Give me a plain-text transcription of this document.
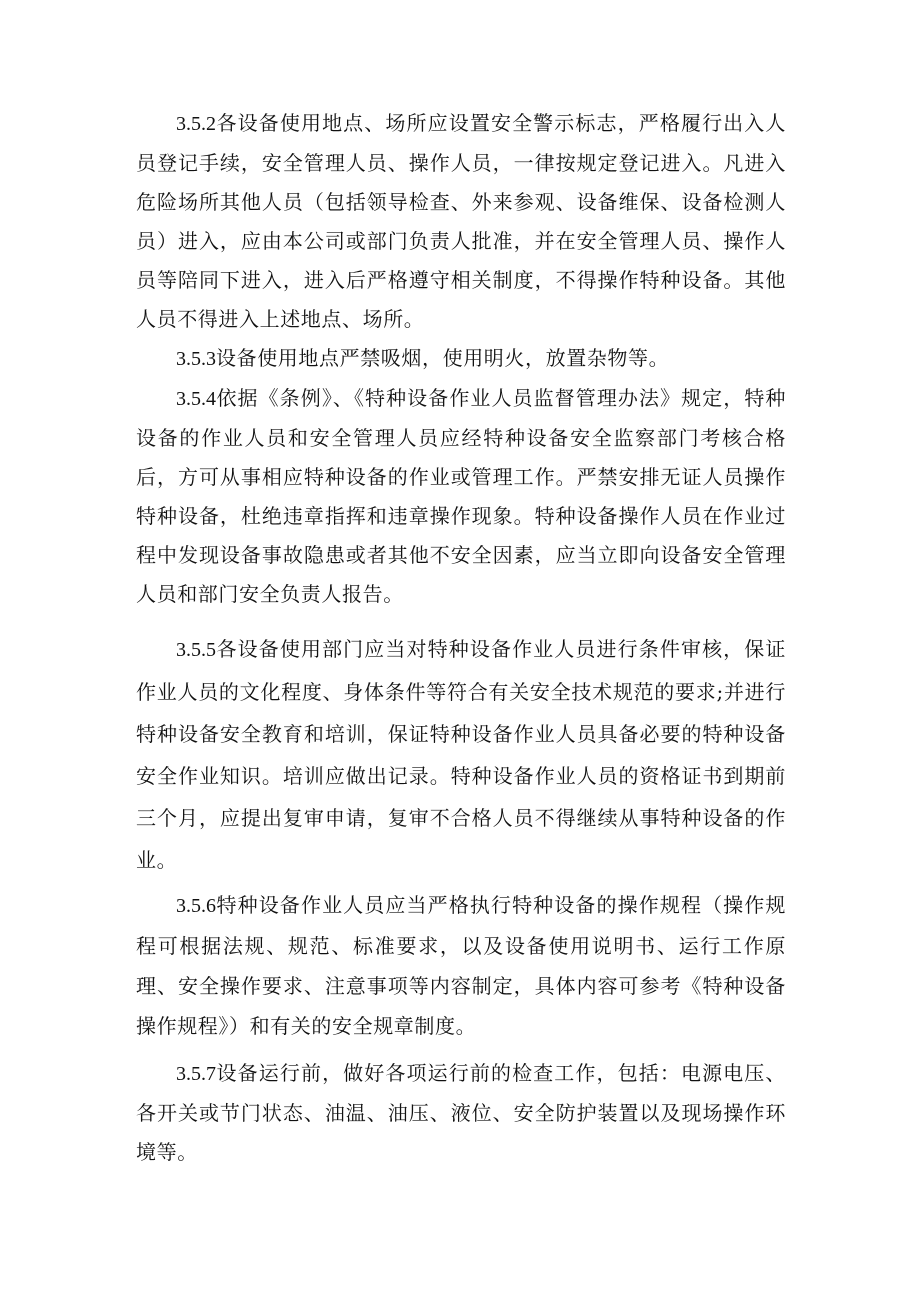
3.5.2各设备使用地点、场所应设置安全警示标志，严格履行出入人员登记手续，安全管理人员、操作人员，一律按规定登记进入。凡进入危险场所其他人员（包括领导检查、外来参观、设备维保、设备检测人员）进入，应由本公司或部门负责人批准，并在安全管理人员、操作人员等陪同下进入，进入后严格遵守相关制度，不得操作特种设备。其他人员不得进入上述地点、场所。

3.5.3设备使用地点严禁吸烟，使用明火，放置杂物等。

3.5.4依据《条例》、《特种设备作业人员监督管理办法》规定，特种设备的作业人员和安全管理人员应经特种设备安全监察部门考核合格后，方可从事相应特种设备的作业或管理工作。严禁安排无证人员操作特种设备，杜绝违章指挥和违章操作现象。特种设备操作人员在作业过程中发现设备事故隐患或者其他不安全因素，应当立即向设备安全管理人员和部门安全负责人报告。

3.5.5各设备使用部门应当对特种设备作业人员进行条件审核，保证作业人员的文化程度、身体条件等符合有关安全技术规范的要求;并进行特种设备安全教育和培训，保证特种设备作业人员具备必要的特种设备安全作业知识。培训应做出记录。特种设备作业人员的资格证书到期前三个月，应提出复审申请，复审不合格人员不得继续从事特种设备的作业。

3.5.6特种设备作业人员应当严格执行特种设备的操作规程（操作规程可根据法规、规范、标准要求，以及设备使用说明书、运行工作原理、安全操作要求、注意事项等内容制定，具体内容可参考《特种设备操作规程》）和有关的安全规章制度。

3.5.7设备运行前，做好各项运行前的检查工作，包括：电源电压、各开关或节门状态、油温、油压、液位、安全防护装置以及现场操作环境等。
